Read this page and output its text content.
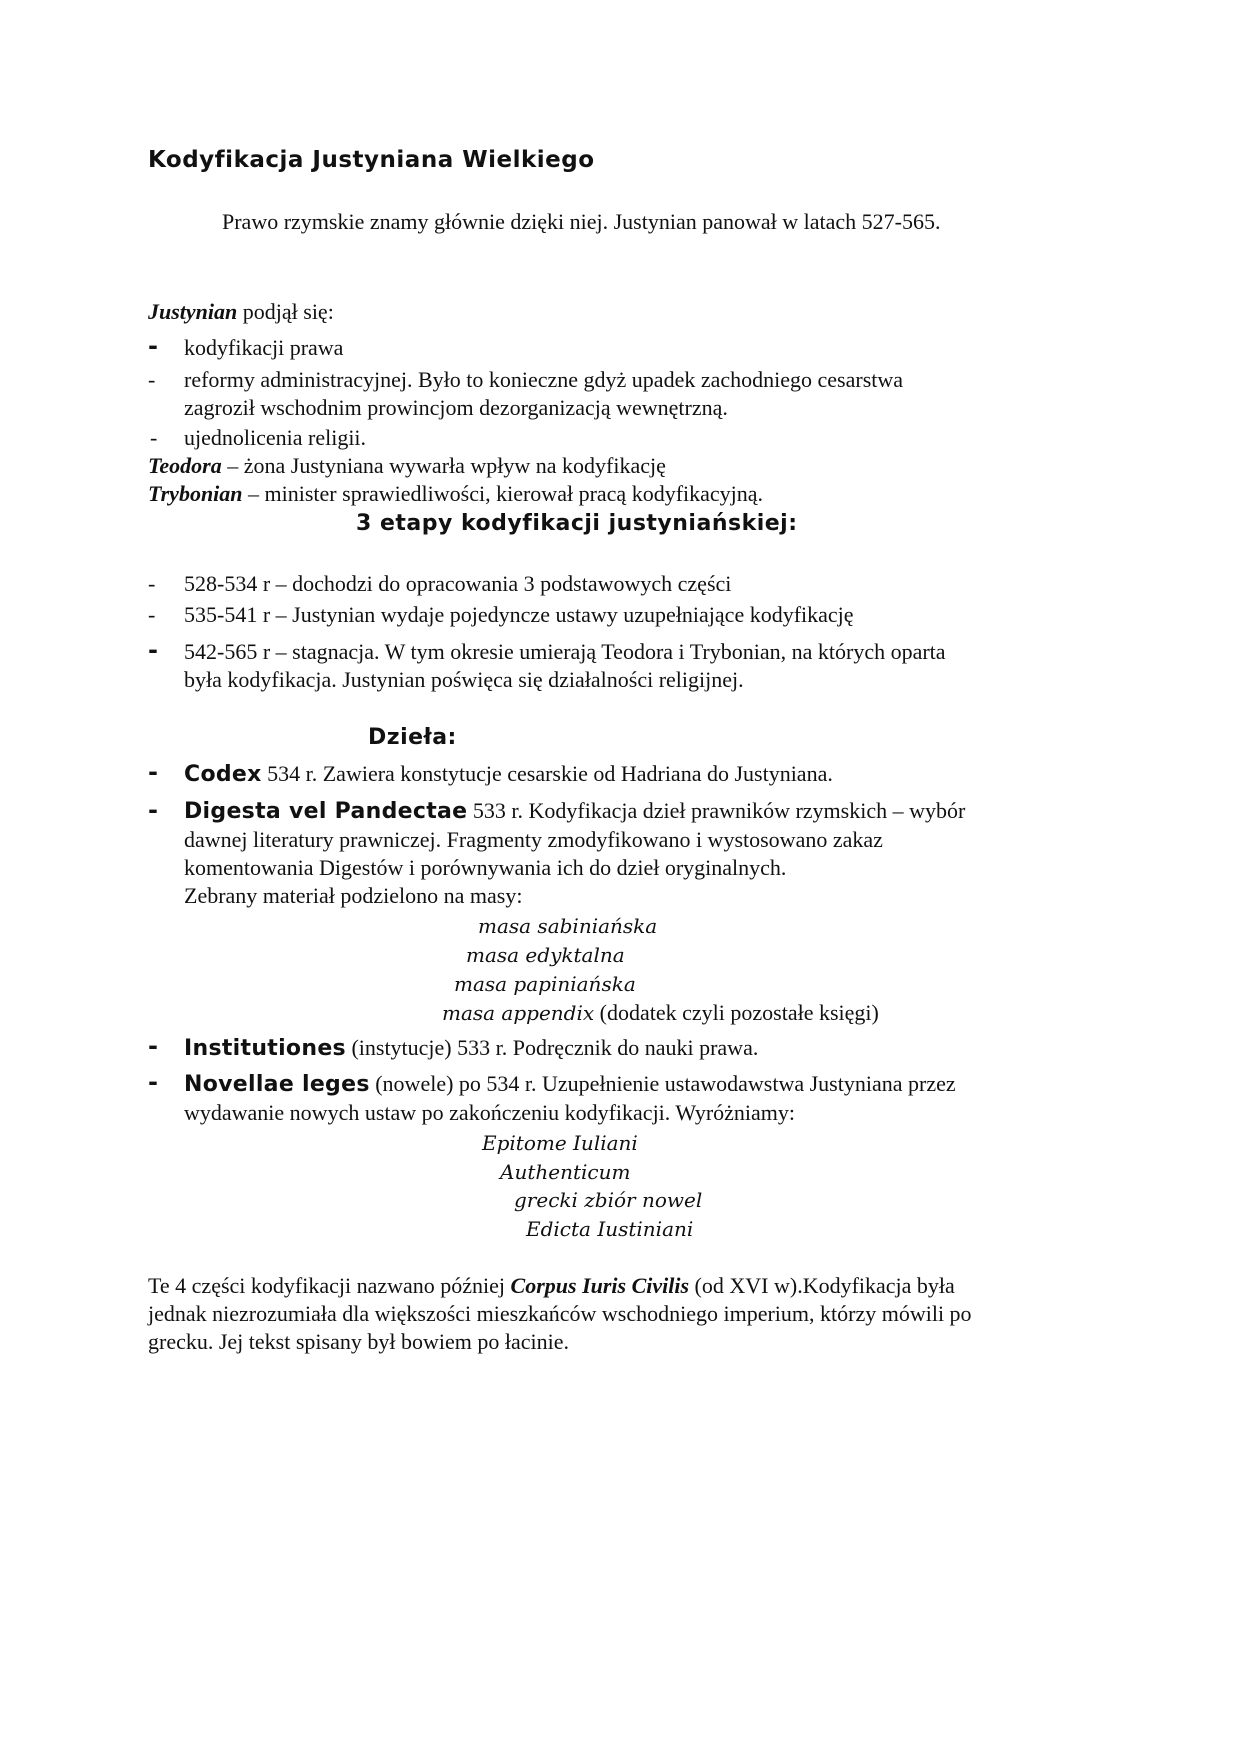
Kodyfikacja Justyniana Wielkiego
Prawo rzymskie znamy głównie dzięki niej. Justynian panował w latach 527-565.
Justynian podjął się:
- kodyfikacji prawa
- reformy administracyjnej. Było to konieczne gdyż upadek zachodniego cesarstwa
zagroził wschodnim prowincjom dezorganizacją wewnętrzną.
- ujednolicenia religii.
Teodora – żona Justyniana wywarła wpływ na kodyfikację
Trybonian – minister sprawiedliwości, kierował pracą kodyfikacyjną.
3 etapy kodyfikacji justyniańskiej:
- 528-534 r – dochodzi do opracowania 3 podstawowych części
- 535-541 r – Justynian wydaje pojedyncze ustawy uzupełniające kodyfikację
- 542-565 r – stagnacja. W tym okresie umierają Teodora i Trybonian, na których oparta
była kodyfikacja. Justynian poświęca się działalności religijnej.
Dzieła:
- Codex 534 r. Zawiera konstytucje cesarskie od Hadriana do Justyniana.
- Digesta vel Pandectae 533 r. Kodyfikacja dzieł prawników rzymskich – wybór
dawnej literatury prawniczej. Fragmenty zmodyfikowano i wystosowano zakaz
komentowania Digestów i porównywania ich do dzieł oryginalnych.
Zebrany materiał podzielono na masy:
masa sabiniańska
masa edyktalna
masa papiniańska
masa appendix (dodatek czyli pozostałe księgi)
- Institutiones (instytucje) 533 r. Podręcznik do nauki prawa.
- Novellae leges (nowele) po 534 r. Uzupełnienie ustawodawstwa Justyniana przez
wydawanie nowych ustaw po zakończeniu kodyfikacji. Wyróżniamy:
Epitome Iuliani
Authenticum
grecki zbiór nowel
Edicta Iustiniani
Te 4 części kodyfikacji nazwano później Corpus Iuris Civilis (od XVI w).Kodyfikacja była
jednak niezrozumiała dla większości mieszkańców wschodniego imperium, którzy mówili po
grecku. Jej tekst spisany był bowiem po łacinie.
